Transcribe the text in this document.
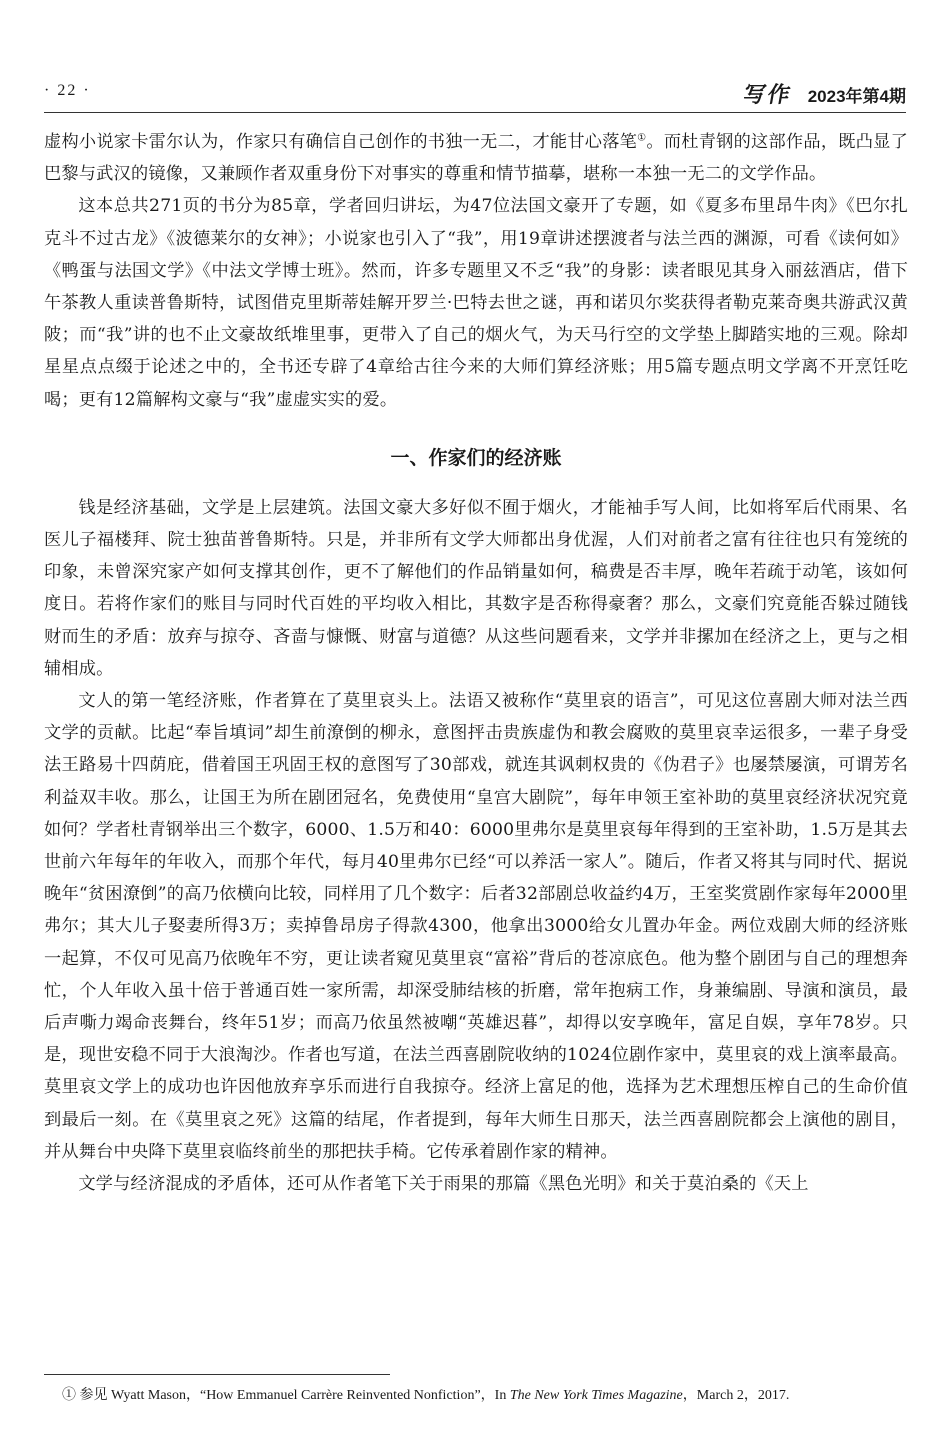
· 22 ·	写作 2023年第4期

虚构小说家卡雷尔认为，作家只有确信自己创作的书独一无二，才能甘心落笔①。而杜青钢的这部作品，既凸显了巴黎与武汉的镜像，又兼顾作者双重身份下对事实的尊重和情节描摹，堪称一本独一无二的文学作品。

这本总共271页的书分为85章，学者回归讲坛，为47位法国文豪开了专题，如《夏多布里昂牛肉》《巴尔扎克斗不过古龙》《波德莱尔的女神》；小说家也引入了“我”，用19章讲述摆渡者与法兰西的渊源，可看《读何如》《鸭蛋与法国文学》《中法文学博士班》。然而，许多专题里又不乏“我”的身影：读者眼见其身入丽兹酒店，借下午茶教人重读普鲁斯特，试图借克里斯蒂娃解开罗兰·巴特去世之谜，再和诺贝尔奖获得者勒克莱奇奥共游武汉黄陂；而“我”讲的也不止文豪故纸堆里事，更带入了自己的烟火气，为天马行空的文学垫上脚踏实地的三观。除却星星点点缀于论述之中的，全书还专辟了4章给古往今来的大师们算经济账；用5篇专题点明文学离不开烹饪吃喝；更有12篇解构文豪与“我”虚虚实实的爱。

一、作家们的经济账

钱是经济基础，文学是上层建筑。法国文豪大多好似不囿于烟火，才能袖手写人间，比如将军后代雨果、名医儿子福楼拜、院士独苗普鲁斯特。只是，并非所有文学大师都出身优渥，人们对前者之富有往往也只有笼统的印象，未曾深究家产如何支撑其创作，更不了解他们的作品销量如何，稿费是否丰厚，晚年若疏于动笔，该如何度日。若将作家们的账目与同时代百姓的平均收入相比，其数字是否称得豪奢？那么，文豪们究竟能否躲过随钱财而生的矛盾：放弃与掠夺、吝啬与慷慨、财富与道德？从这些问题看来，文学并非摞加在经济之上，更与之相辅相成。

文人的第一笔经济账，作者算在了莫里哀头上。法语又被称作“莫里哀的语言”，可见这位喜剧大师对法兰西文学的贡献。比起“奉旨填词”却生前潦倒的柳永，意图抨击贵族虚伪和教会腐败的莫里哀幸运很多，一辈子身受法王路易十四荫庇，借着国王巩固王权的意图写了30部戏，就连其讽刺权贵的《伪君子》也屡禁屡演，可谓芳名利益双丰收。那么，让国王为所在剧团冠名，免费使用“皇宫大剧院”，每年申领王室补助的莫里哀经济状况究竟如何？学者杜青钢举出三个数字，6000、1.5万和40：6000里弗尔是莫里哀每年得到的王室补助，1.5万是其去世前六年每年的年收入，而那个年代，每月40里弗尔已经“可以养活一家人”。随后，作者又将其与同时代、据说晚年“贫困潦倒”的高乃依横向比较，同样用了几个数字：后者32部剧总收益约4万，王室奖赏剧作家每年2000里弗尔；其大儿子娶妻所得3万；卖掉鲁昂房子得款4300，他拿出3000给女儿置办年金。两位戏剧大师的经济账一起算，不仅可见高乃依晚年不穷，更让读者窥见莫里哀“富裕”背后的苍凉底色。他为整个剧团与自己的理想奔忙，个人年收入虽十倍于普通百姓一家所需，却深受肺结核的折磨，常年抱病工作，身兼编剧、导演和演员，最后声嘶力竭命丧舞台，终年51岁；而高乃依虽然被嘲“英雄迟暮”，却得以安享晚年，富足自娱，享年78岁。只是，现世安稳不同于大浪淘沙。作者也写道，在法兰西喜剧院收纳的1024位剧作家中，莫里哀的戏上演率最高。莫里哀文学上的成功也许因他放弃享乐而进行自我掠夺。经济上富足的他，选择为艺术理想压榨自己的生命价值到最后一刻。在《莫里哀之死》这篇的结尾，作者提到，每年大师生日那天，法兰西喜剧院都会上演他的剧目，并从舞台中央降下莫里哀临终前坐的那把扶手椅。它传承着剧作家的精神。

文学与经济混成的矛盾体，还可从作者笔下关于雨果的那篇《黑色光明》和关于莫泊桑的《天上

① 参见 Wyatt Mason，“How Emmanuel Carrère Reinvented Nonfiction”，In The New York Times Magazine，March 2，2017.
